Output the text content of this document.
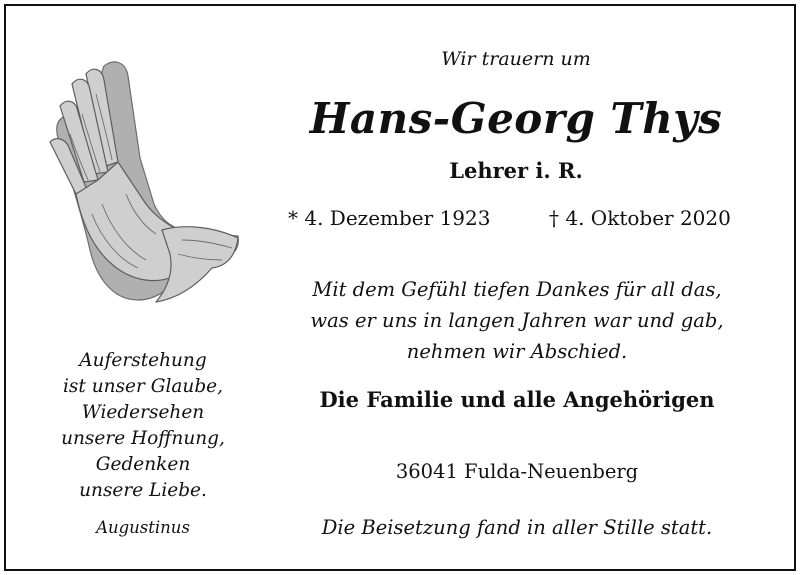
Wir trauern um
Hans-Georg Thys
Lehrer i. R.
* 4. Dezember 1923	† 4. Oktober 2020
Mit dem Gefühl tiefen Dankes für all das,
was er uns in langen Jahren war und gab,
nehmen wir Abschied.
Die Familie und alle Angehörigen
36041 Fulda-Neuenberg
Die Beisetzung fand in aller Stille statt.
Auferstehung
ist unser Glaube,
Wiedersehen
unsere Hoffnung,
Gedenken
unsere Liebe.
Augustinus
